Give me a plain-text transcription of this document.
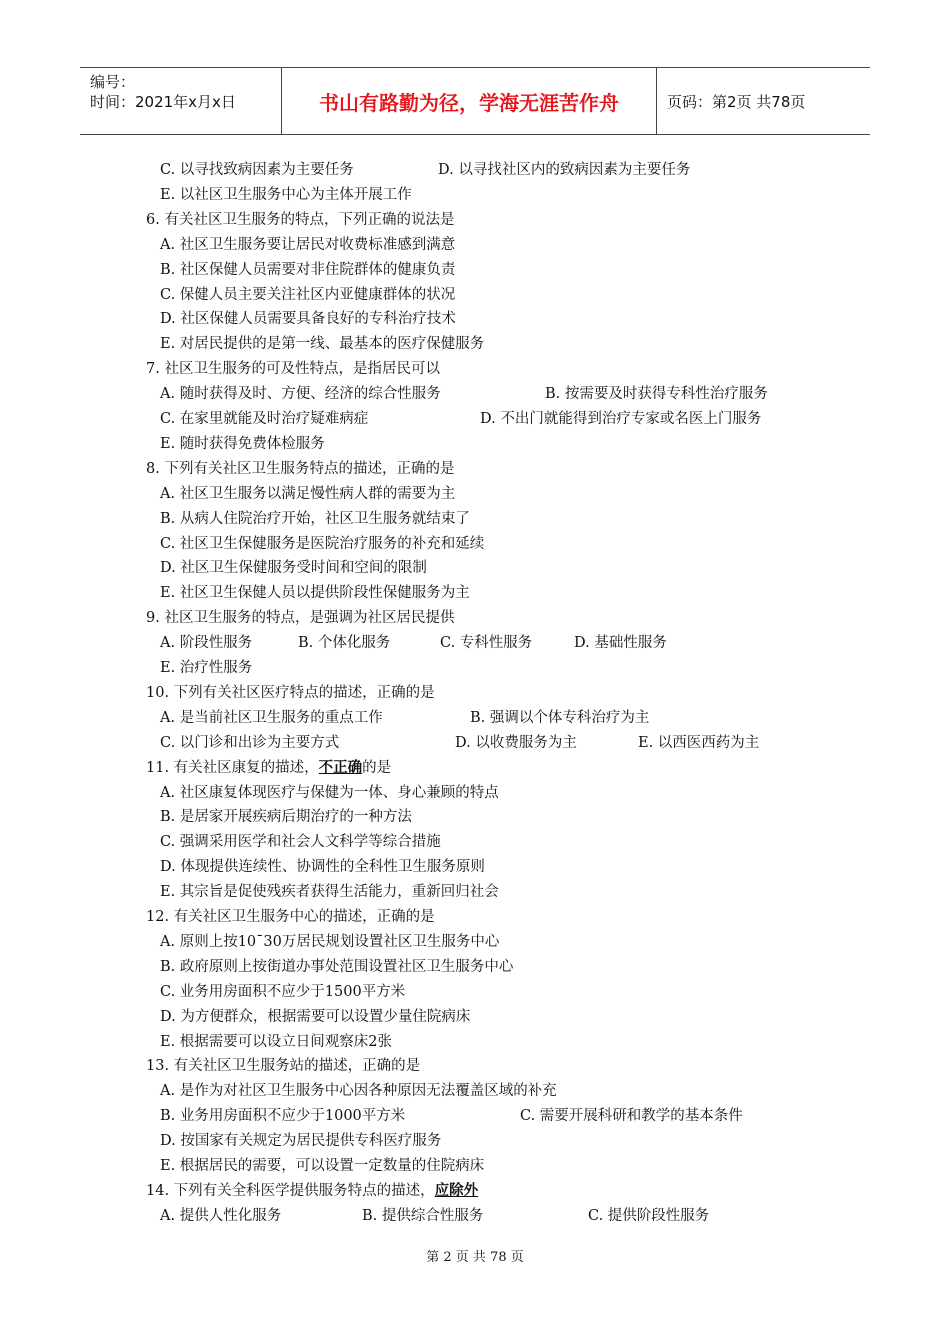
编号：
时间：2021年x月x日	书山有路勤为径，学海无涯苦作舟	页码：第2页 共78页
C. 以寻找致病因素为主要任务	D. 以寻找社区内的致病因素为主要任务
E. 以社区卫生服务中心为主体开展工作
6. 有关社区卫生服务的特点，下列正确的说法是
A. 社区卫生服务要让居民对收费标准感到满意
B. 社区保健人员需要对非住院群体的健康负责
C. 保健人员主要关注社区内亚健康群体的状况
D. 社区保健人员需要具备良好的专科治疗技术
E. 对居民提供的是第一线、最基本的医疗保健服务
7. 社区卫生服务的可及性特点，是指居民可以
A. 随时获得及时、方便、经济的综合性服务	B. 按需要及时获得专科性治疗服务
C. 在家里就能及时治疗疑难病症	D. 不出门就能得到治疗专家或名医上门服务
E. 随时获得免费体检服务
8. 下列有关社区卫生服务特点的描述，正确的是
A. 社区卫生服务以满足慢性病人群的需要为主
B. 从病人住院治疗开始，社区卫生服务就结束了
C. 社区卫生保健服务是医院治疗服务的补充和延续
D. 社区卫生保健服务受时间和空间的限制
E. 社区卫生保健人员以提供阶段性保健服务为主
9. 社区卫生服务的特点，是强调为社区居民提供
A. 阶段性服务	B. 个体化服务	C. 专科性服务	D. 基础性服务
E. 治疗性服务
10. 下列有关社区医疗特点的描述，正确的是
A. 是当前社区卫生服务的重点工作	B. 强调以个体专科治疗为主
C. 以门诊和出诊为主要方式	D. 以收费服务为主	E. 以西医西药为主
11. 有关社区康复的描述，不正确的是
A. 社区康复体现医疗与保健为一体、身心兼顾的特点
B. 是居家开展疾病后期治疗的一种方法
C. 强调采用医学和社会人文科学等综合措施
D. 体现提供连续性、协调性的全科性卫生服务原则
E. 其宗旨是促使残疾者获得生活能力，重新回归社会
12. 有关社区卫生服务中心的描述，正确的是
A. 原则上按10¯30万居民规划设置社区卫生服务中心
B. 政府原则上按街道办事处范围设置社区卫生服务中心
C. 业务用房面积不应少于1500平方米
D. 为方便群众，根据需要可以设置少量住院病床
E. 根据需要可以设立日间观察床2张
13. 有关社区卫生服务站的描述，正确的是
A. 是作为对社区卫生服务中心因各种原因无法覆盖区域的补充
B. 业务用房面积不应少于1000平方米	C. 需要开展科研和教学的基本条件
D. 按国家有关规定为居民提供专科医疗服务
E. 根据居民的需要，可以设置一定数量的住院病床
14. 下列有关全科医学提供服务特点的描述，应除外
A. 提供人性化服务	B. 提供综合性服务	C. 提供阶段性服务
第 2 页 共 78 页
